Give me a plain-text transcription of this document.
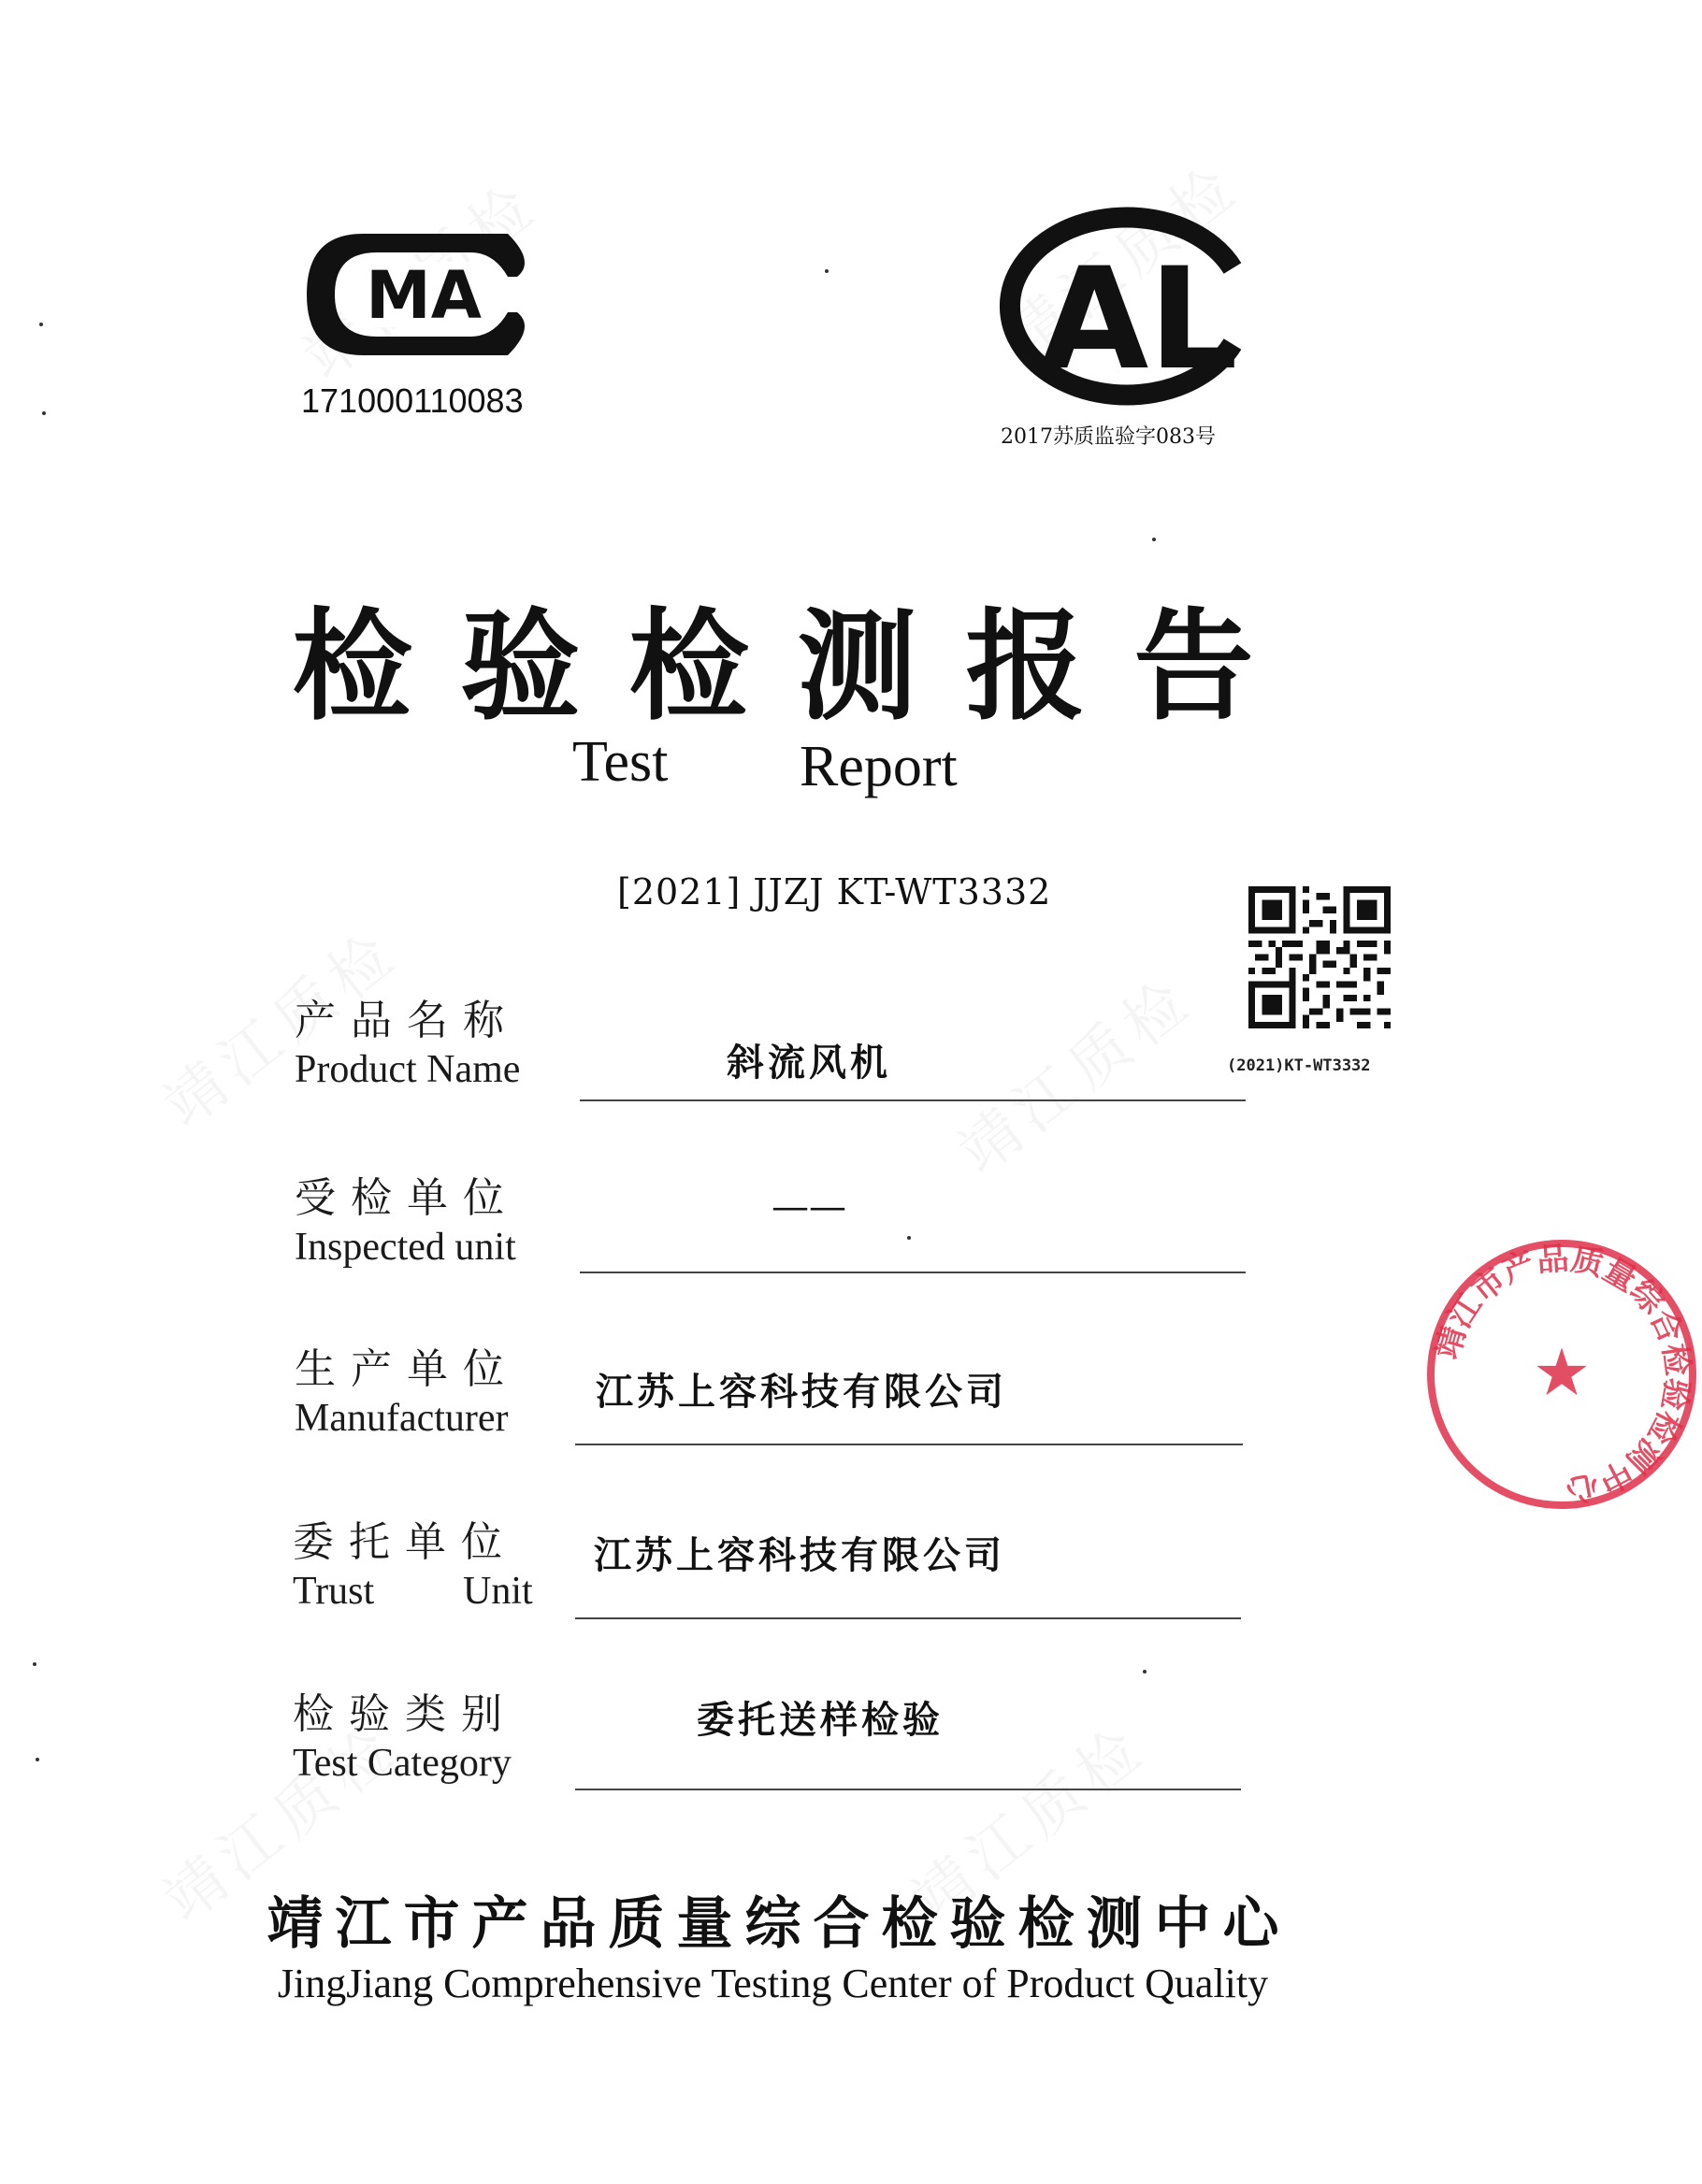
MA
171000110083	AL
2017苏质监验字083号
检验检测报告
Test Report
[2021] JJZJ KT-WT3332
(2021)KT-WT3332
产品名称
Product Name	斜流风机
受检单位
Inspected unit
——
生产单位
Manufacturer
江苏上容科技有限公司
委托单位
Trust Unit
江苏上容科技有限公司
检验类别
Test Category
委托送样检验
靖江市产品质量综合检验检测中心
JingJiang Comprehensive Testing Center of Product Quality
靖江市产品质量综合检验检测中心
★
